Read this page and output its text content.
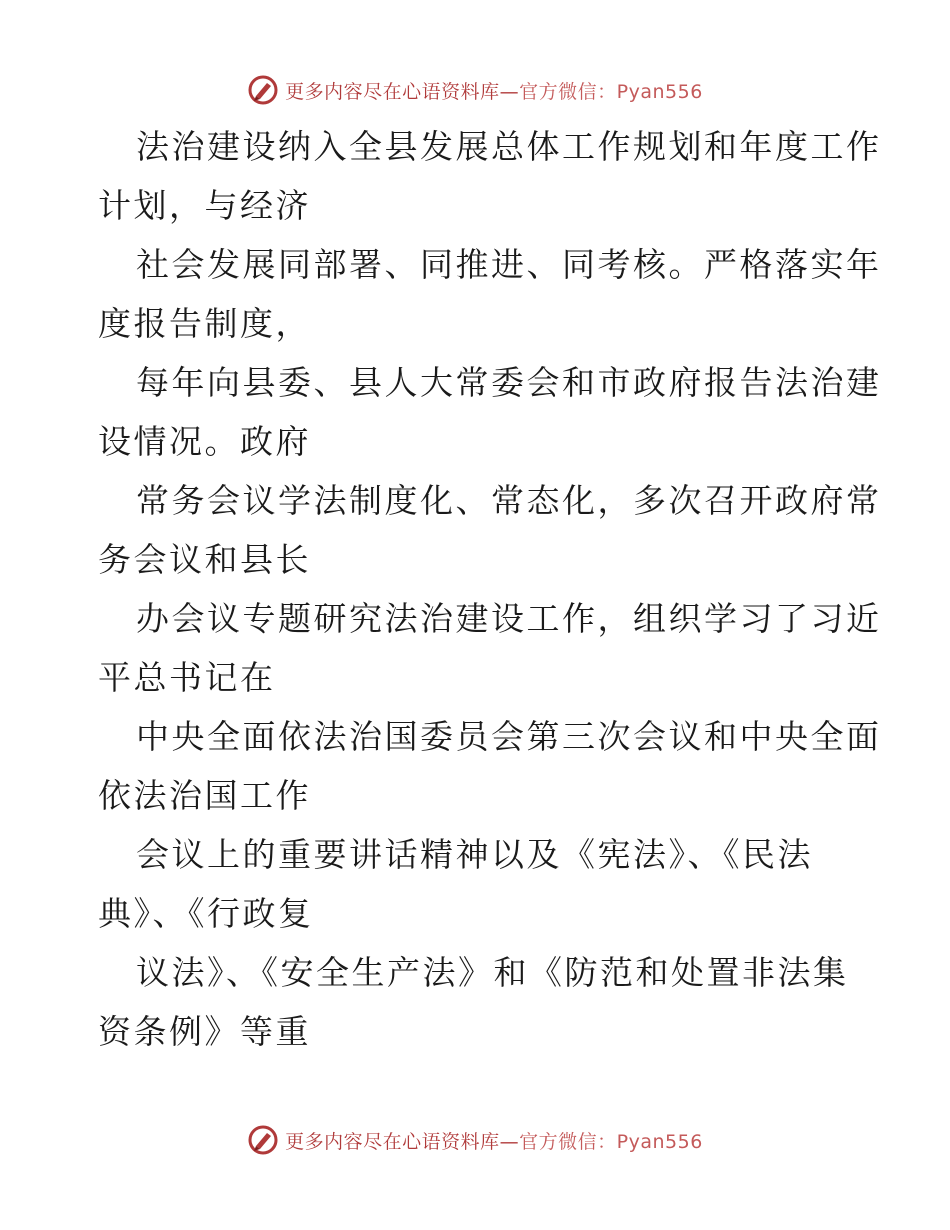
更多内容尽在心语资料库—官方微信：Pyan556
法治建设纳入全县发展总体工作规划和年度工作
计划，与经济
社会发展同部署、同推进、同考核。严格落实年
度报告制度，
每年向县委、县人大常委会和市政府报告法治建
设情况。政府
常务会议学法制度化、常态化，多次召开政府常
务会议和县长
办会议专题研究法治建设工作，组织学习了习近
平总书记在
中央全面依法治国委员会第三次会议和中央全面
依法治国工作
会议上的重要讲话精神以及《宪法》、《民法
典》、《行政复
议法》、《安全生产法》和《防范和处置非法集
资条例》等重
更多内容尽在心语资料库—官方微信：Pyan556
